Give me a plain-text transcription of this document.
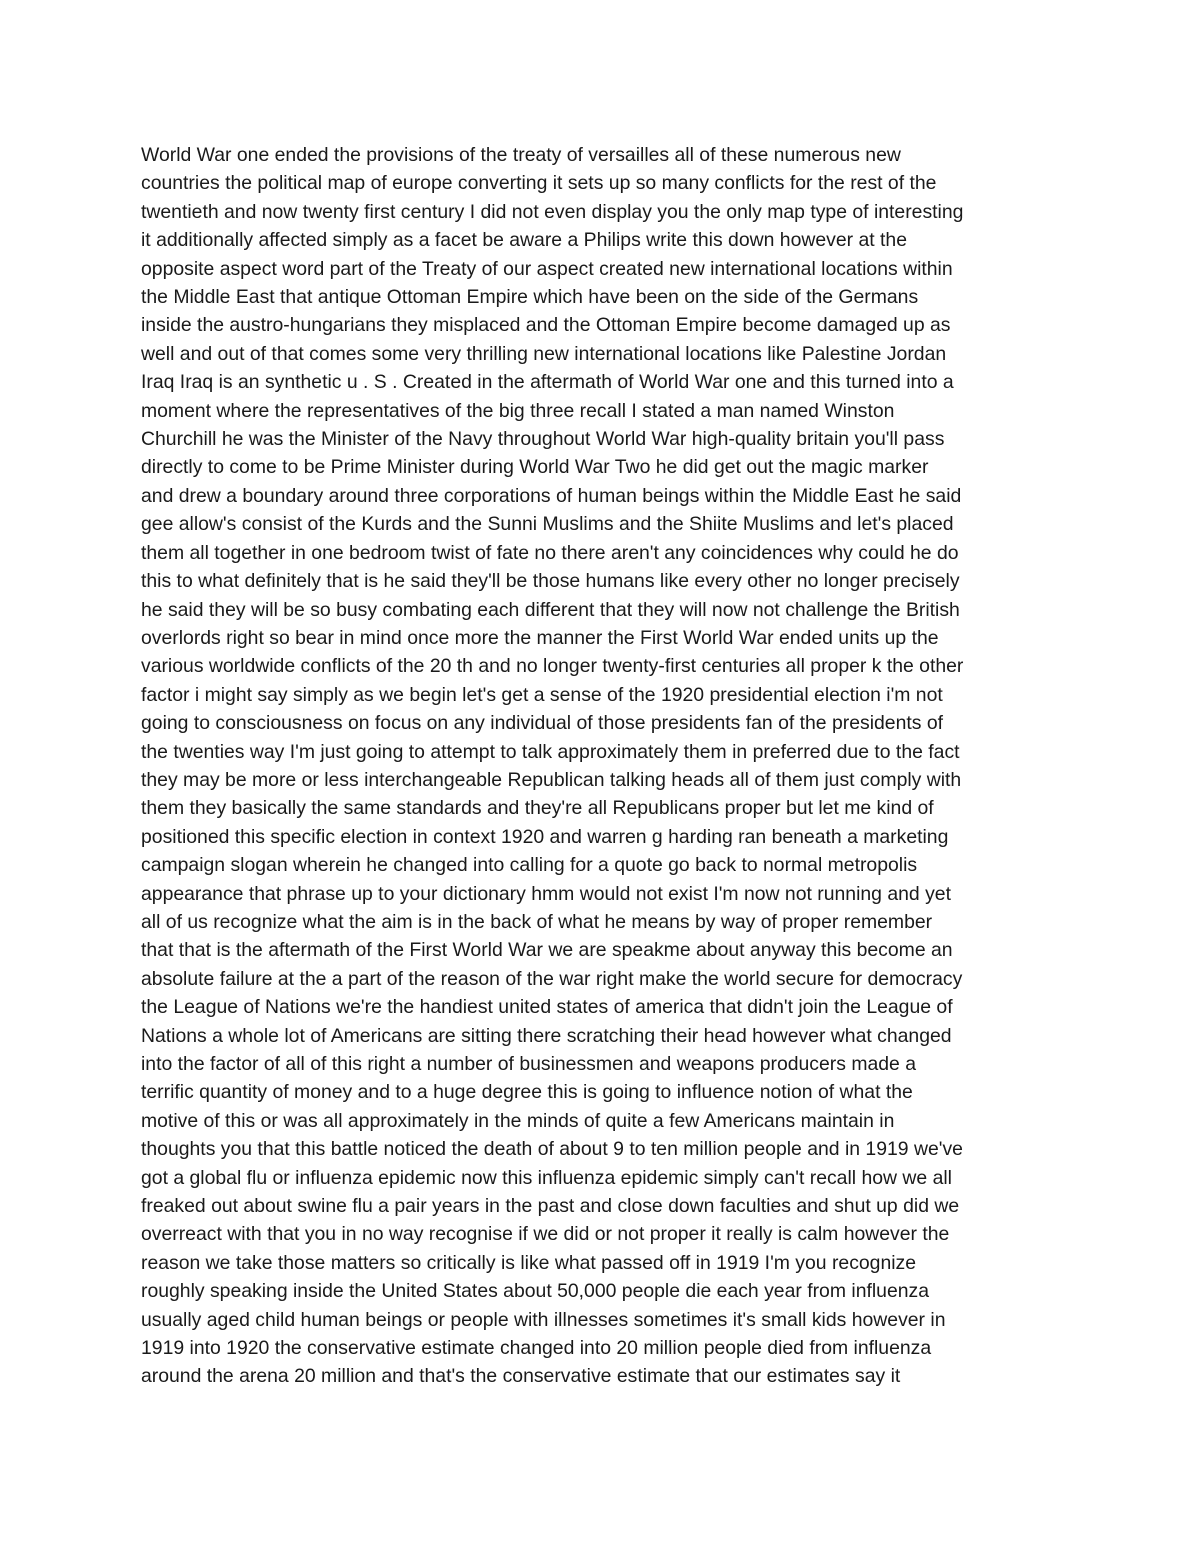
World War one ended the provisions of the treaty of versailles all of these numerous new
countries the political map of europe converting it sets up so many conflicts for the rest of the
twentieth and now twenty first century I did not even display you the only map type of interesting
it additionally affected simply as a facet be aware a Philips write this down however at the
opposite aspect word part of the Treaty of our aspect created new international locations within
the Middle East that antique Ottoman Empire which have been on the side of the Germans
inside the austro-hungarians they misplaced and the Ottoman Empire become damaged up as
well and out of that comes some very thrilling new international locations like Palestine Jordan
Iraq Iraq is an synthetic u . S . Created in the aftermath of World War one and this turned into a
moment where the representatives of the big three recall I stated a man named Winston
Churchill he was the Minister of the Navy throughout World War high-quality britain you'll pass
directly to come to be Prime Minister during World War Two he did get out the magic marker
and drew a boundary around three corporations of human beings within the Middle East he said
gee allow's consist of the Kurds and the Sunni Muslims and the Shiite Muslims and let's placed
them all together in one bedroom twist of fate no there aren't any coincidences why could he do
this to what definitely that is he said they'll be those humans like every other no longer precisely
he said they will be so busy combating each different that they will now not challenge the British
overlords right so bear in mind once more the manner the First World War ended units up the
various worldwide conflicts of the 20 th and no longer twenty-first centuries all proper k the other
factor i might say simply as we begin let's get a sense of the 1920 presidential election i'm not
going to consciousness on focus on any individual of those presidents fan of the presidents of
the twenties way I'm just going to attempt to talk approximately them in preferred due to the fact
they may be more or less interchangeable Republican talking heads all of them just comply with
them they basically the same standards and they're all Republicans proper but let me kind of
positioned this specific election in context 1920 and warren g harding ran beneath a marketing
campaign slogan wherein he changed into calling for a quote go back to normal metropolis
appearance that phrase up to your dictionary hmm would not exist I'm now not running and yet
all of us recognize what the aim is in the back of what he means by way of proper remember
that that is the aftermath of the First World War we are speakme about anyway this become an
absolute failure at the a part of the reason of the war right make the world secure for democracy
the League of Nations we're the handiest united states of america that didn't join the League of
Nations a whole lot of Americans are sitting there scratching their head however what changed
into the factor of all of this right a number of businessmen and weapons producers made a
terrific quantity of money and to a huge degree this is going to influence notion of what the
motive of this or was all approximately in the minds of quite a few Americans maintain in
thoughts you that this battle noticed the death of about 9 to ten million people and in 1919 we've
got a global flu or influenza epidemic now this influenza epidemic simply can't recall how we all
freaked out about swine flu a pair years in the past and close down faculties and shut up did we
overreact with that you in no way recognise if we did or not proper it really is calm however the
reason we take those matters so critically is like what passed off in 1919 I'm you recognize
roughly speaking inside the United States about 50,000 people die each year from influenza
usually aged child human beings or people with illnesses sometimes it's small kids however in
1919 into 1920 the conservative estimate changed into 20 million people died from influenza
around the arena 20 million and that's the conservative estimate that our estimates say it
